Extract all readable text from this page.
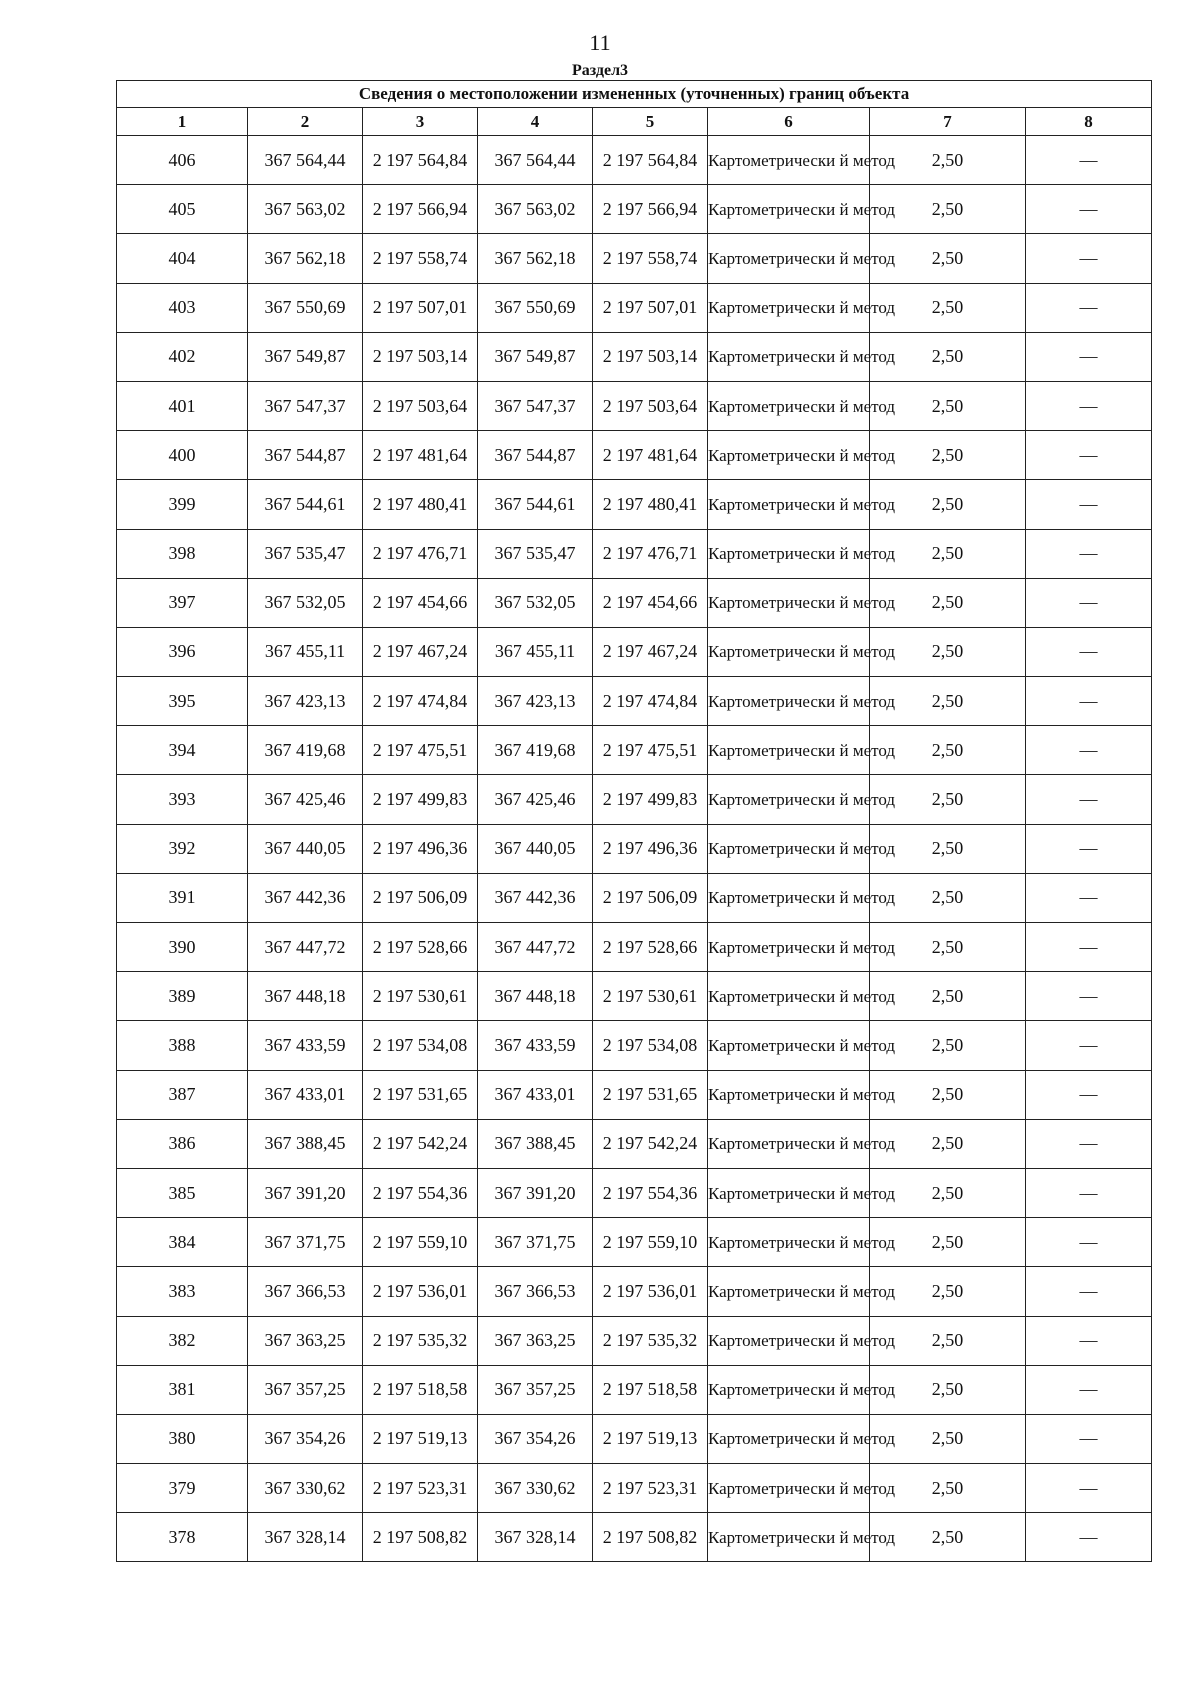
11
Раздел3
Сведения о местоположении измененных (уточненных) границ объекта							
1	2	3	4	5	6	7	8
406	367 564,44	2 197 564,84	367 564,44	2 197 564,84	Картометрически й метод	2,50	—
405	367 563,02	2 197 566,94	367 563,02	2 197 566,94	Картометрически й метод	2,50	—
404	367 562,18	2 197 558,74	367 562,18	2 197 558,74	Картометрически й метод	2,50	—
403	367 550,69	2 197 507,01	367 550,69	2 197 507,01	Картометрически й метод	2,50	—
402	367 549,87	2 197 503,14	367 549,87	2 197 503,14	Картометрически й метод	2,50	—
401	367 547,37	2 197 503,64	367 547,37	2 197 503,64	Картометрически й метод	2,50	—
400	367 544,87	2 197 481,64	367 544,87	2 197 481,64	Картометрически й метод	2,50	—
399	367 544,61	2 197 480,41	367 544,61	2 197 480,41	Картометрически й метод	2,50	—
398	367 535,47	2 197 476,71	367 535,47	2 197 476,71	Картометрически й метод	2,50	—
397	367 532,05	2 197 454,66	367 532,05	2 197 454,66	Картометрически й метод	2,50	—
396	367 455,11	2 197 467,24	367 455,11	2 197 467,24	Картометрически й метод	2,50	—
395	367 423,13	2 197 474,84	367 423,13	2 197 474,84	Картометрически й метод	2,50	—
394	367 419,68	2 197 475,51	367 419,68	2 197 475,51	Картометрически й метод	2,50	—
393	367 425,46	2 197 499,83	367 425,46	2 197 499,83	Картометрически й метод	2,50	—
392	367 440,05	2 197 496,36	367 440,05	2 197 496,36	Картометрически й метод	2,50	—
391	367 442,36	2 197 506,09	367 442,36	2 197 506,09	Картометрически й метод	2,50	—
390	367 447,72	2 197 528,66	367 447,72	2 197 528,66	Картометрически й метод	2,50	—
389	367 448,18	2 197 530,61	367 448,18	2 197 530,61	Картометрически й метод	2,50	—
388	367 433,59	2 197 534,08	367 433,59	2 197 534,08	Картометрически й метод	2,50	—
387	367 433,01	2 197 531,65	367 433,01	2 197 531,65	Картометрически й метод	2,50	—
386	367 388,45	2 197 542,24	367 388,45	2 197 542,24	Картометрически й метод	2,50	—
385	367 391,20	2 197 554,36	367 391,20	2 197 554,36	Картометрически й метод	2,50	—
384	367 371,75	2 197 559,10	367 371,75	2 197 559,10	Картометрически й метод	2,50	—
383	367 366,53	2 197 536,01	367 366,53	2 197 536,01	Картометрически й метод	2,50	—
382	367 363,25	2 197 535,32	367 363,25	2 197 535,32	Картометрически й метод	2,50	—
381	367 357,25	2 197 518,58	367 357,25	2 197 518,58	Картометрически й метод	2,50	—
380	367 354,26	2 197 519,13	367 354,26	2 197 519,13	Картометрически й метод	2,50	—
379	367 330,62	2 197 523,31	367 330,62	2 197 523,31	Картометрически й метод	2,50	—
378	367 328,14	2 197 508,82	367 328,14	2 197 508,82	Картометрически й метод	2,50	—
